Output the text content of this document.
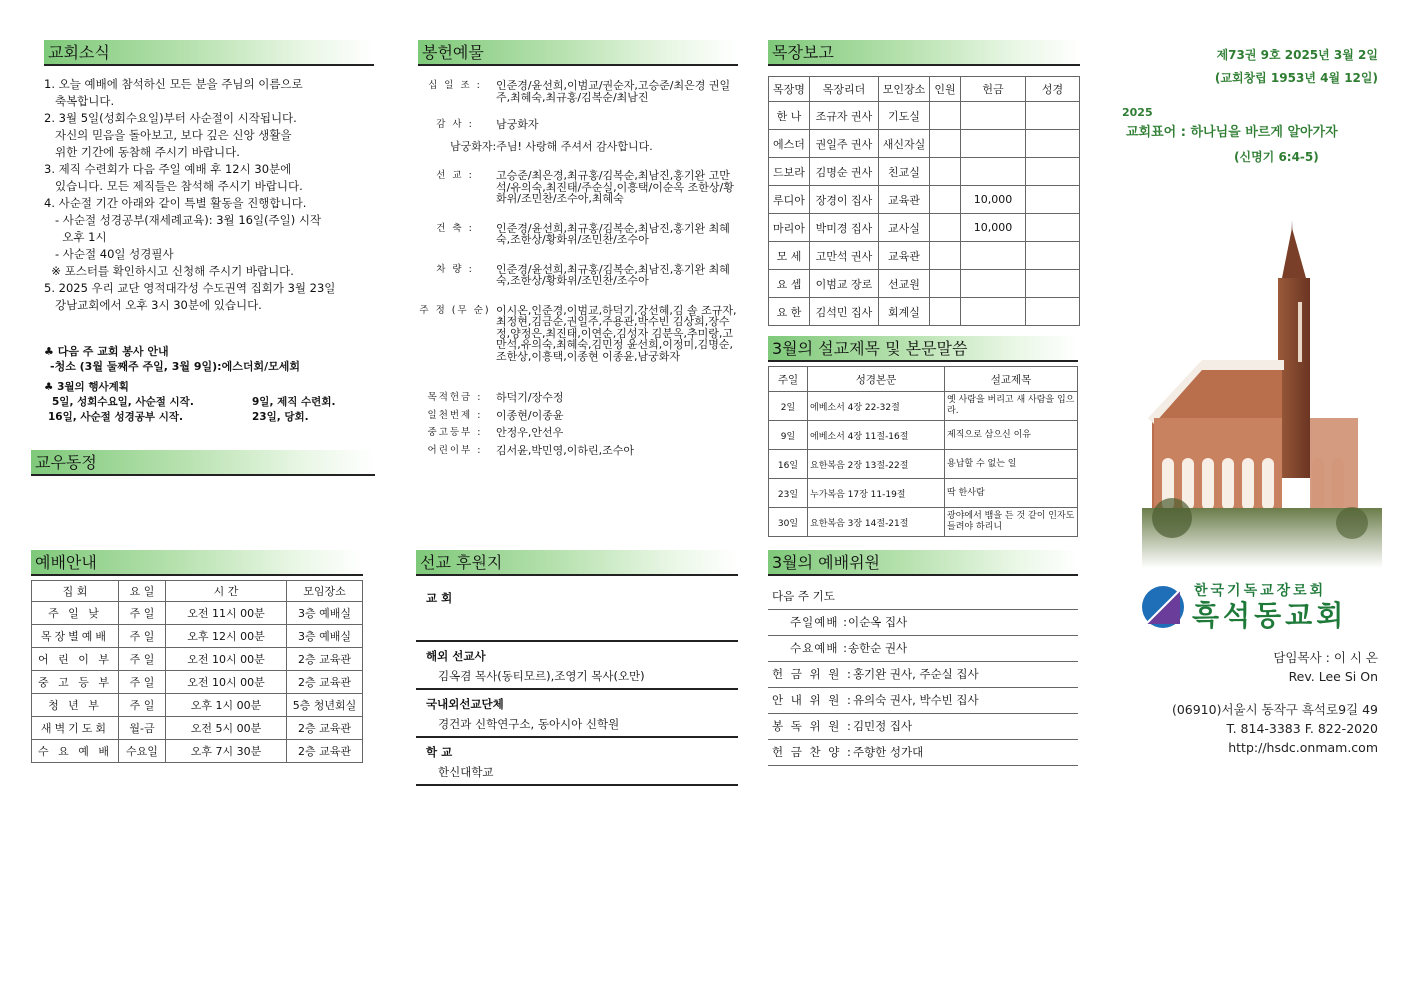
교회소식
1. 오늘 예배에 참석하신 모든 분을 주님의 이름으로
축복합니다.
2. 3월 5일(성회수요일)부터 사순절이 시작됩니다.
자신의 믿음을 돌아보고, 보다 깊은 신앙 생활을
위한 기간에 동참해 주시기 바랍니다.
3. 제직 수련회가 다음 주일 예배 후 12시 30분에
있습니다. 모든 제직들은 참석해 주시기 바랍니다.
4. 사순절 기간 아래와 같이 특별 활동을 진행합니다.
- 사순절 성경공부(재세례교육): 3월 16일(주일) 시작
오후 1시
- 사순절 40일 성경필사
※ 포스터를 확인하시고 신청해 주시기 바랍니다.
5. 2025 우리 교단 영적대각성 수도권역 집회가 3월 23일
강남교회에서 오후 3시 30분에 있습니다.
♣ 다음 주 교회 봉사 안내
-청소 (3월 둘째주 주일, 3월 9일):에스더회/모세회
♣ 3월의 행사계획
5일, 성회수요일, 사순절 시작.	9일, 제직 수련회.
16일, 사순절 성경공부 시작.	23일, 당회.
교우동정
예배안내
집 회	요 일	시 간	모임장소
주 일 낮	주 일	오전 11시 00분	3층 예배실
목장별예배	주 일	오후 12시 00분	3층 예배실
어 린 이 부	주 일	오전 10시 00분	2층 교육관
중 고 등 부	주 일	오전 10시 00분	2층 교육관
청 년 부	주 일	오후 1시 00분	5층 청년회실
새벽기도회	월-금	오전 5시 00분	2층 교육관
수 요 예 배	수요일	오후 7시 30분	2층 교육관
봉헌예물
십 일 조 :	인준경/윤선희,이범교/권순자,고승준/최은경 권일주,최혜숙,최규홍/김복순/최남진
감 사 :	남궁화자
남궁화자:주님! 사랑해 주셔서 감사합니다.
선 교 :	고승준/최은경,최규홍/김복순,최남진,홍기완 고만석/유의숙,최진태/주순실,이흥택/이순옥 조한상/황화위/조민찬/조수아,최혜숙
건 축 :	인준경/윤선희,최규홍/김복순,최남진,홍기완 최혜숙,조한상/황화위/조민찬/조수아
차 량 :	인준경/윤선희,최규홍/김복순,최남진,홍기완 최혜숙,조한상/황화위/조민찬/조수아
주 정 (무 순) 이시온,인준경,이범교,하덕기,강선혜,김 솔 조규자,최정현,김금순,권일주,주용관,박수빈 김상희,장수정,양정은,최진태,이연순,김성자 김분옥,추미랑,고만석,유의숙,최혜숙,김민정 윤선희,이정미,김명순,조한상,이흥택,이종현 이종윤,남궁화자
목적헌금 :	하덕기/장수정
일천번제 :	이종현/이종윤
중고등부 :	안정우,안선우
어린이부 :	김서윤,박민영,이하린,조수아
선교 후원지
교 회
해외 선교사
김옥겸 목사(동티모르),조영기 목사(오만)
국내외선교단체
경건과 신학연구소, 동아시아 신학원
학 교
한신대학교
목장보고
목장명	목장리더	모인장소	인원	헌금	성경
한 나	조규자 권사	기도실			
에스더	권일주 권사	새신자실			
드보라	김명순 권사	친교실			
루디아	장경이 집사	교육관		10,000	
마리아	박미경 집사	교사실		10,000	
모 세	고만석 권사	교육관			
요 셉	이범교 장로	선교원			
요 한	김석민 집사	회계실			
3월의 설교제목 및 본문말씀
주일	성경본문	설교제목
2일	에베소서 4장 22-32절	옛 사람을 버리고 새 사람을 입으라.
9일	에베소서 4장 11절-16절	제직으로 삼으신 이유
16일	요한복음 2장 13절-22절	용납할 수 없는 일
23일	누가복음 17장 11-19절	딱 한사람
30일	요한복음 3장 14절-21절	광야에서 뱀을 든 것 같이 인자도 들려야 하리니
3월의 예배위원
다음 주 기도
주일예배 : 이순옥 집사
수요예배 : 송한순 권사
헌 금 위 원 : 홍기완 권사, 주순실 집사
안 내 위 원 : 유의숙 권사, 박수빈 집사
봉 독 위 원 : 김민정 집사
헌 금 찬 양 : 주향한 성가대
제73권 9호 2025년 3월 2일
(교회창립 1953년 4월 12일)
2025
교회표어 : 하나님을 바르게 알아가자
(신명기 6:4-5)
한국기독교장로회
흑석동교회
담임목사 : 이 시 온
Rev. Lee Si On
(06910)서울시 동작구 흑석로9길 49
T. 814-3383 F. 822-2020
http://hsdc.onmam.com
